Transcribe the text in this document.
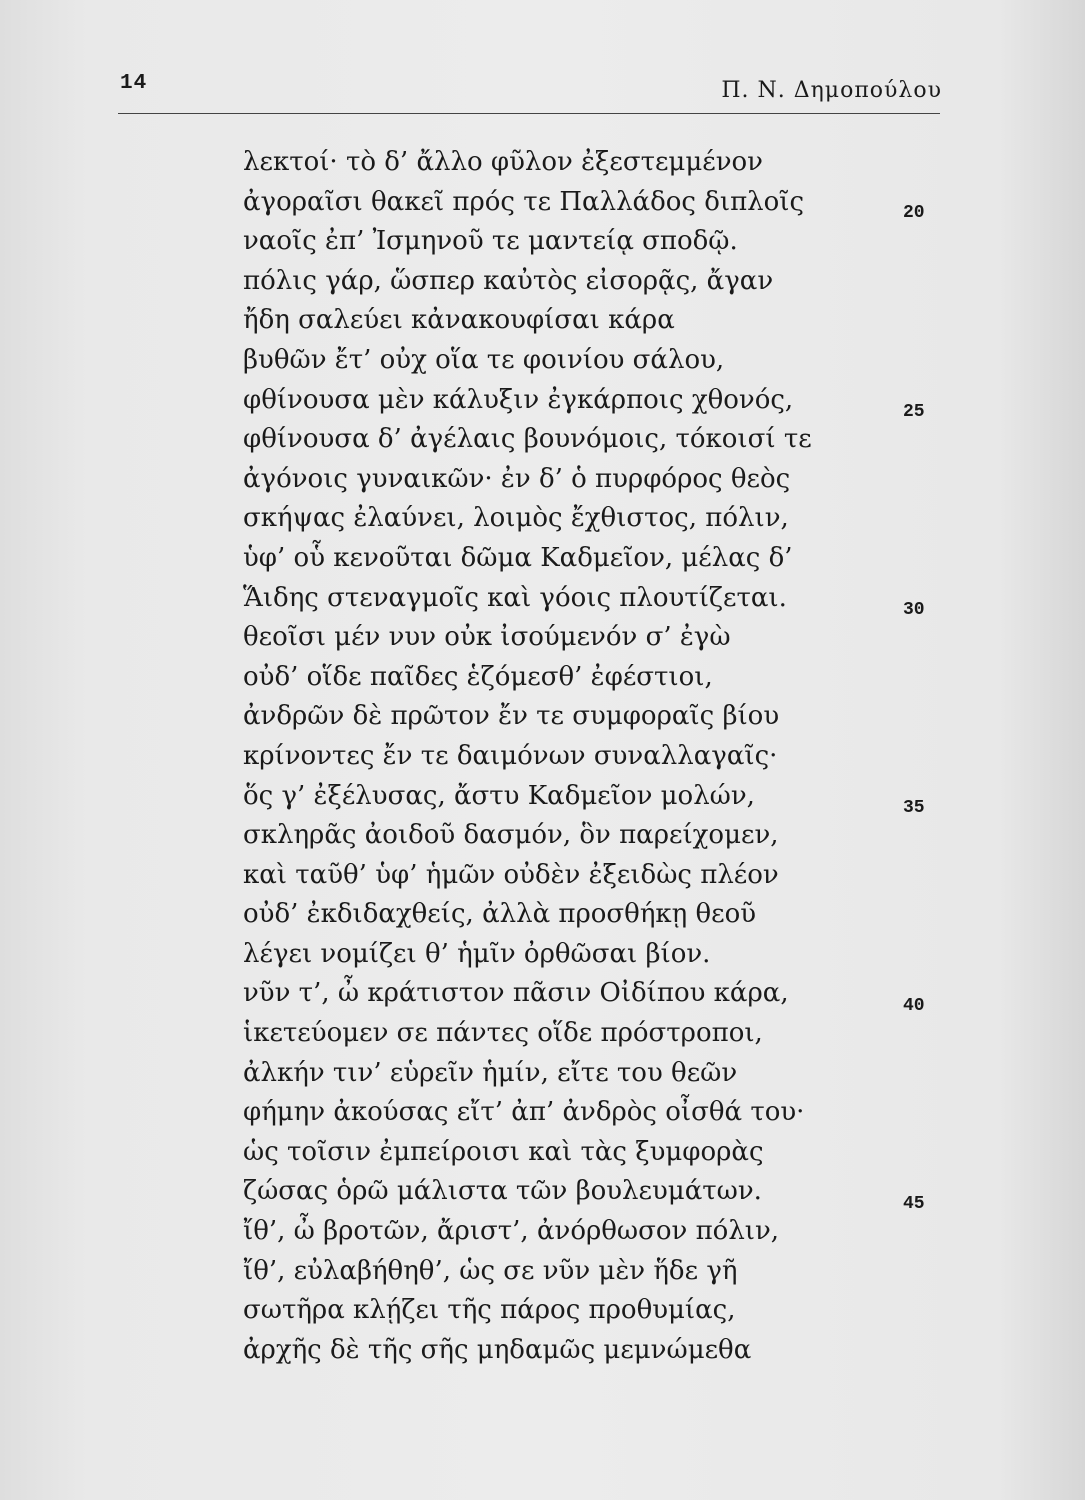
14	Π. Ν. Δημοπούλου
λεκτοί· τὸ δ’ ἄλλο φῦλον ἐξεστεμμένον
ἀγοραῖσι θακεῖ πρός τε Παλλάδος διπλοῖς
ναοῖς ἐπ’ Ἰσμηνοῦ τε μαντείᾳ σποδῷ.
πόλις γάρ, ὥσπερ καὐτὸς εἰσορᾷς, ἄγαν
ἤδη σαλεύει κἀνακουφίσαι κάρα
βυθῶν ἔτ’ οὐχ οἵα τε φοινίου σάλου,
φθίνουσα μὲν κάλυξιν ἐγκάρποις χθονός,
φθίνουσα δ’ ἀγέλαις βουνόμοις, τόκοισί τε
ἀγόνοις γυναικῶν· ἐν δ’ ὁ πυρφόρος θεὸς
σκήψας ἐλαύνει, λοιμὸς ἔχθιστος, πόλιν,
ὑφ’ οὗ κενοῦται δῶμα Καδμεῖον, μέλας δ’
Ἅιδης στεναγμοῖς καὶ γόοις πλουτίζεται.
θεοῖσι μέν νυν οὐκ ἰσούμενόν σ’ ἐγὼ
οὐδ’ οἵδε παῖδες ἑζόμεσθ’ ἐφέστιοι,
ἀνδρῶν δὲ πρῶτον ἔν τε συμφοραῖς βίου
κρίνοντες ἔν τε δαιμόνων συναλλαγαῖς·
ὅς γ’ ἐξέλυσας, ἄστυ Καδμεῖον μολών,
σκληρᾶς ἀοιδοῦ δασμόν, ὃν παρείχομεν,
καὶ ταῦθ’ ὑφ’ ἡμῶν οὐδὲν ἐξειδὼς πλέον
οὐδ’ ἐκδιδαχθείς, ἀλλὰ προσθήκῃ θεοῦ
λέγει νομίζει θ’ ἡμῖν ὀρθῶσαι βίον.
νῦν τ’, ὦ κράτιστον πᾶσιν Οἰδίπου κάρα,
ἱκετεύομεν σε πάντες οἵδε πρόστροποι,
ἀλκήν τιν’ εὑρεῖν ἡμίν, εἴτε του θεῶν
φήμην ἀκούσας εἴτ’ ἀπ’ ἀνδρὸς οἶσθά του·
ὡς τοῖσιν ἐμπείροισι καὶ τὰς ξυμφορὰς
ζώσας ὁρῶ μάλιστα τῶν βουλευμάτων.
ἴθ’, ὦ βροτῶν, ἄριστ’, ἀνόρθωσον πόλιν,
ἴθ’, εὐλαβήθηθ’, ὡς σε νῦν μὲν ἥδε γῆ
σωτῆρα κλῄζει τῆς πάρος προθυμίας,
ἀρχῆς δὲ τῆς σῆς μηδαμῶς μεμνώμεθα
20
25
30
35
40
45
